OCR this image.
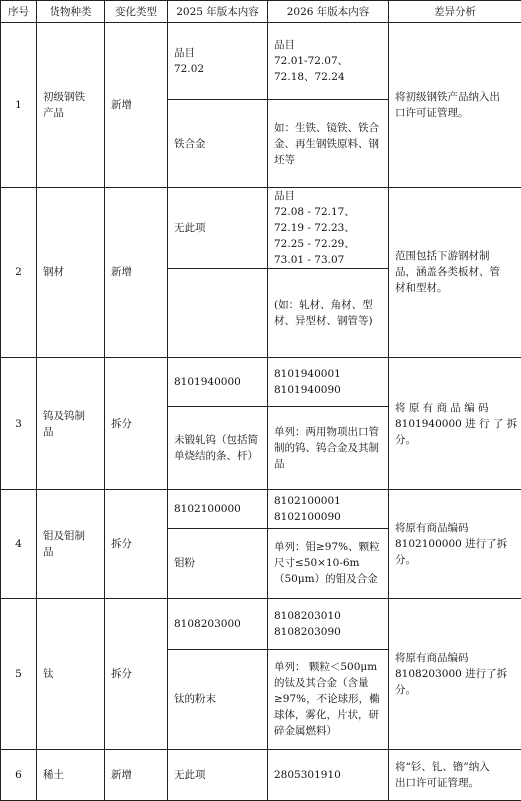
序号	货物种类	变化类型	2025 年版本内容	2026 年版本内容	差异分析
1	初级钢铁
产品	新增	品目
72.02	品目
72.01-72.07、
72.18、72.24	将初级钢铁产品纳入出
口许可证管理。

			铁合金	如：生铁、镜铁、铁合
金、再生钢铁原料、钢
坯等	

2	钢材	新增	无此项	品目
72.08 - 72.17、
72.19 - 72.23、
72.25 - 72.29、
73.01 - 73.07	范围包括下游钢材制
品，涵盖各类板材、管
材和型材。

				(如：轧材、角材、型
材、异型材、钢管等)	

3	钨及钨制
品	拆分	8101940000	8101940001
8101940090	将 原 有 商 品 编 码
8101940000 进 行 了 拆
分。

			未锻轧钨（包括简
单烧结的条、杆）	单列：两用物项出口管
制的钨、钨合金及其制
品	

4	钼及钼制
品	拆分	8102100000	8102100001
8102100090	将原有商品编码
8102100000 进行了拆
分。

			钼粉	单列：钼≥97%、颗粒
尺寸≤50×10-6m
（50μm）的钼及合金	

5	钛	拆分	8108203000	8108203010
8108203090	将原有商品编码
8108203000 进行了拆
分。

			钛的粉末	单列： 颗粒＜500μm
的钛及其合金（含量
≥97%，不论球形，椭
球体，雾化，片状，研
碎金属燃料）	

6	稀土	新增	无此项	2805301910	将“钐、钆、镥”纳入
出口许可证管理。
